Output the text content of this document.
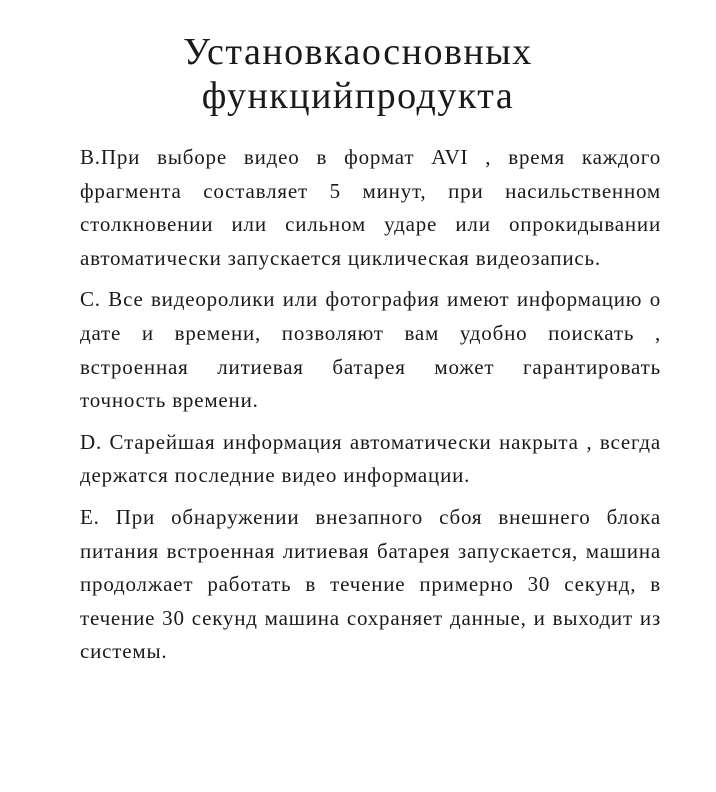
Установкаосновных
функцийпродукта

B.При выборе видео в формат AVI , время каждого фрагмента составляет 5 минут, при насильственном столкновении или сильном ударе или опрокидывании автоматически запускается циклическая видеозапись.

C. Все видеоролики или фотография имеют информацию о дате и времени, позволяют вам удобно поискать , встроенная литиевая батарея может гарантировать точность времени.

D. Старейшая информация автоматически накрыта , всегда держатся последние видео информации.

E. При обнаружении внезапного сбоя внешнего блока питания встроенная литиевая батарея запускается, машина продолжает работать в течение примерно 30 секунд, в течение 30 секунд машина сохраняет данные, и выходит из системы.
